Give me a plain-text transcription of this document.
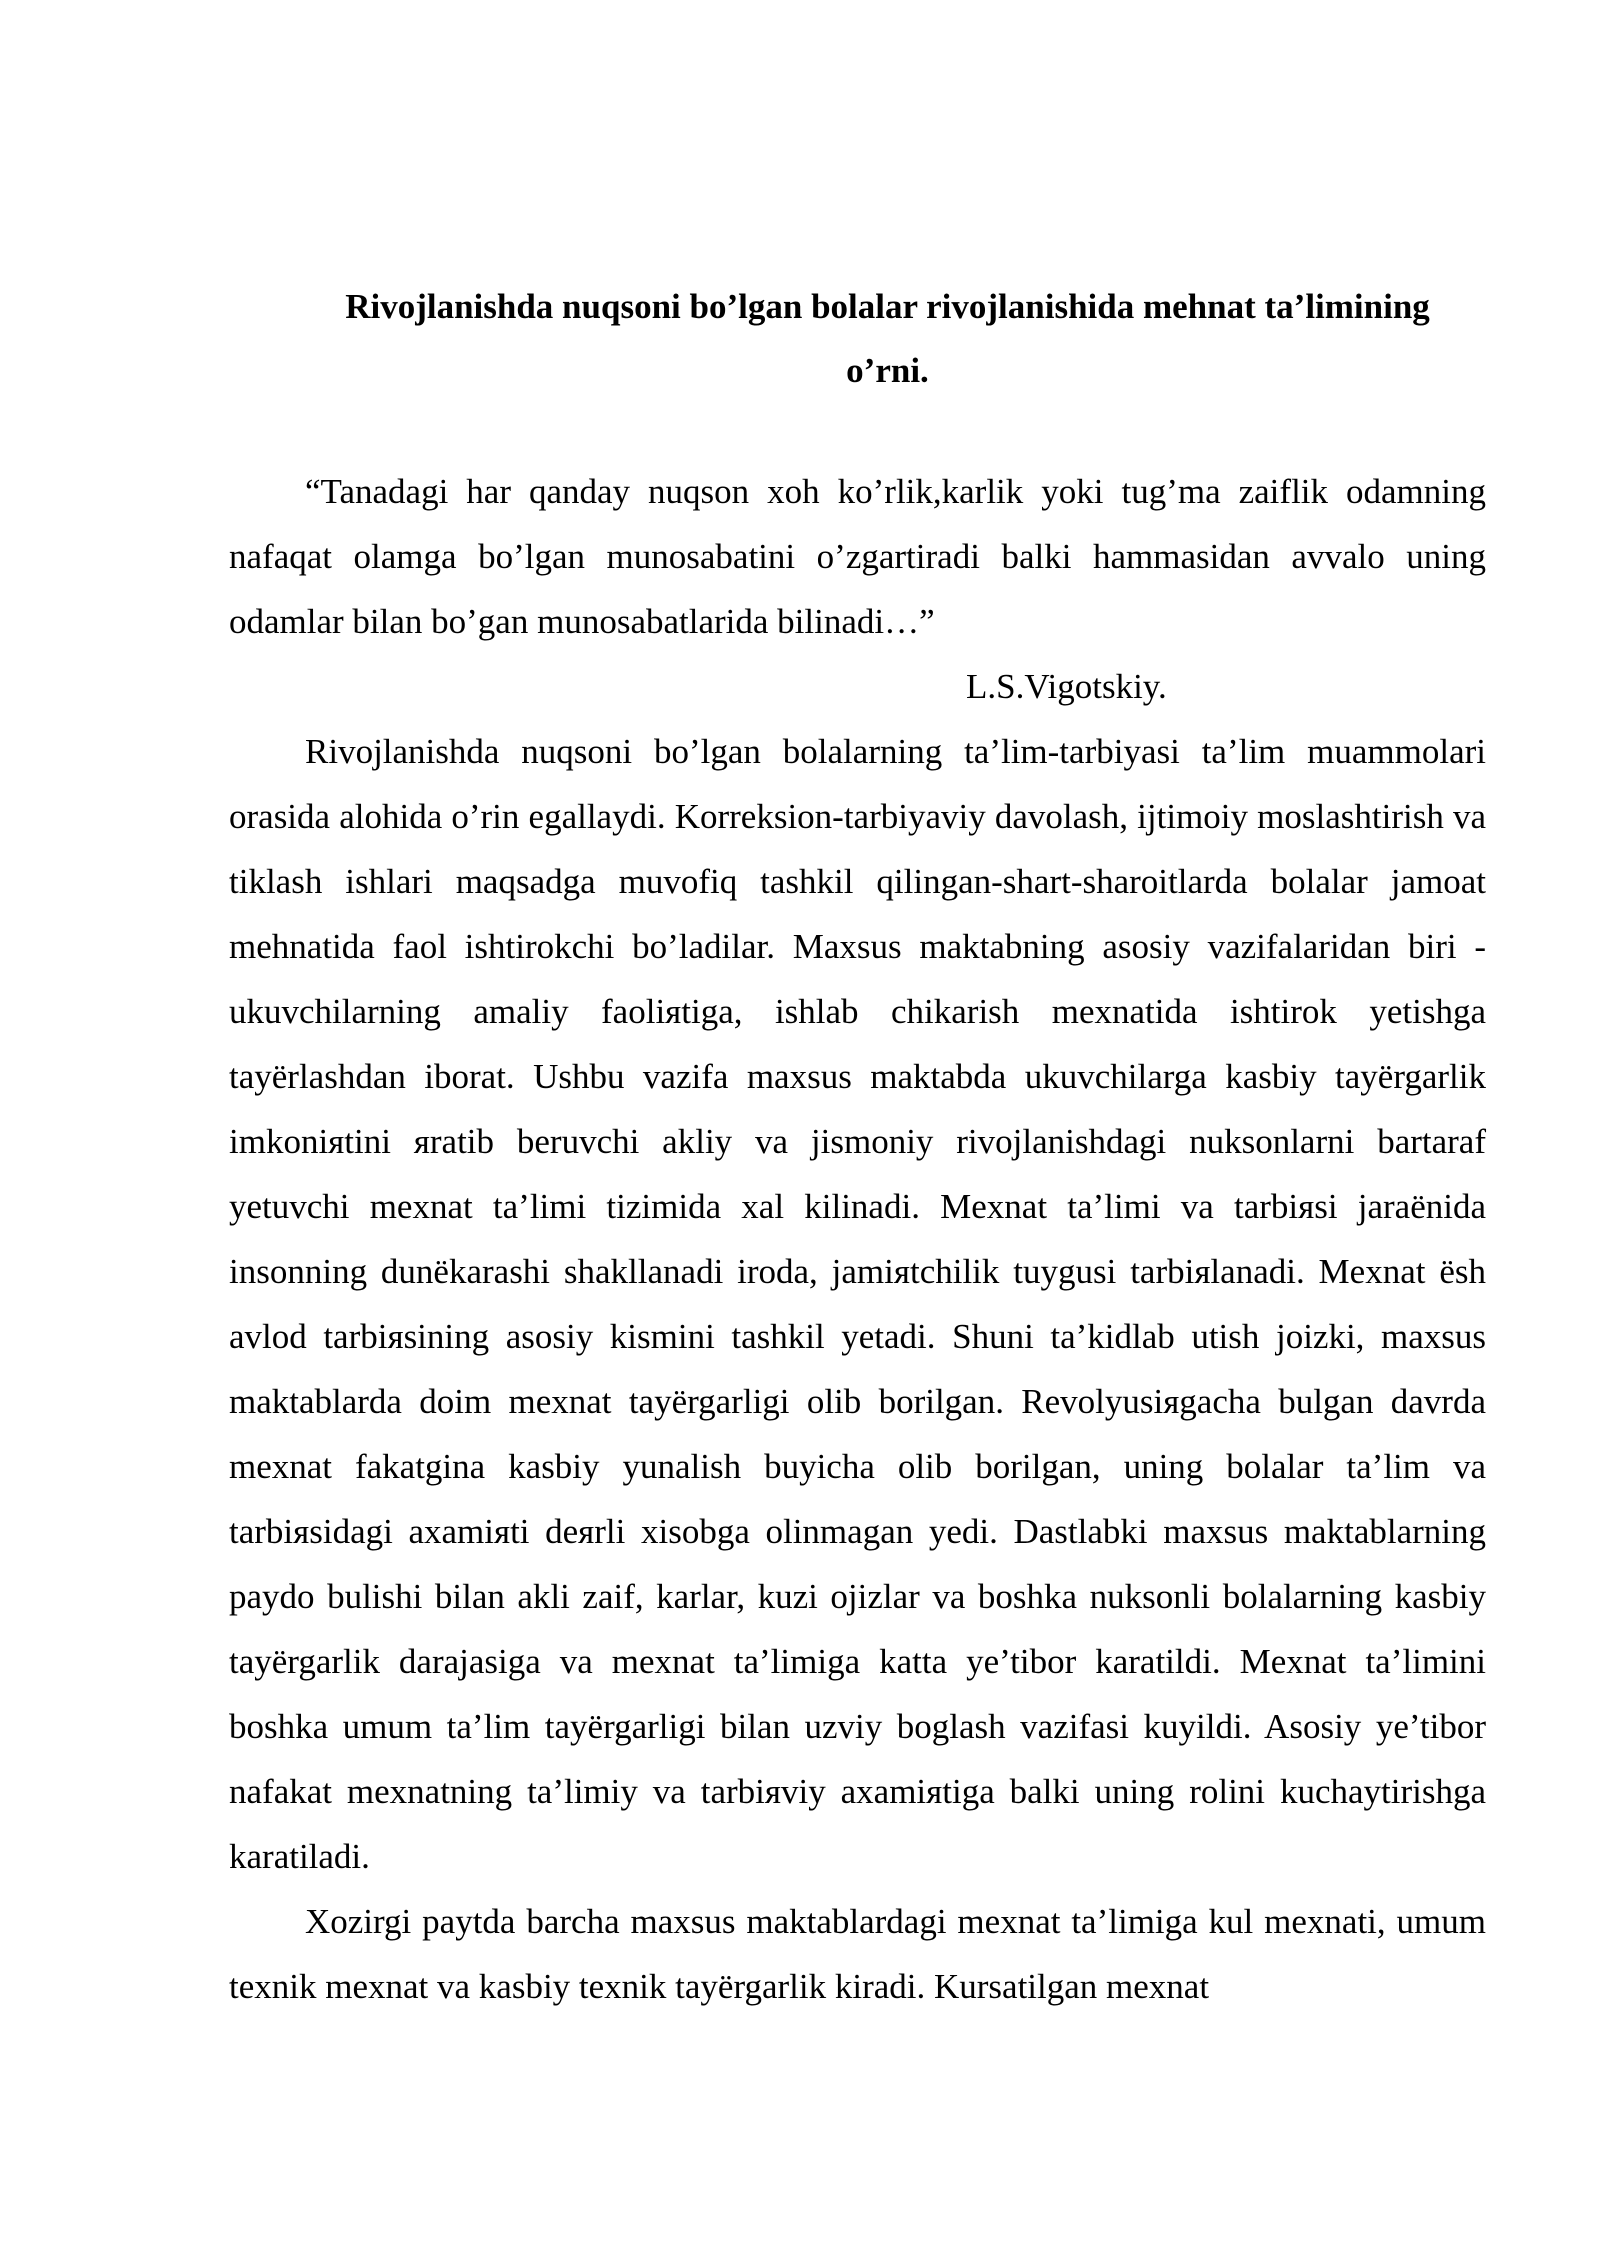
Rivojlanishda nuqsoni bo’lgan bolalar rivojlanishida mehnat ta’limining
o’rni.

“Tanadagi har qanday nuqson xoh ko’rlik,karlik yoki tug’ma zaiflik odamning nafaqat olamga bo’lgan munosabatini o’zgartiradi balki hammasidan avvalo uning odamlar bilan bo’gan munosabatlarida bilinadi…”

L.S.Vigotskiy.

Rivojlanishda nuqsoni bo’lgan bolalarning ta’lim-tarbiyasi ta’lim muammolari orasida alohida o’rin egallaydi. Korreksion-tarbiyaviy davolash, ijtimoiy moslashtirish va tiklash ishlari maqsadga muvofiq tashkil qilingan-shart-sharoitlarda bolalar jamoat mehnatida faol ishtirokchi bo’ladilar. Maxsus maktabning asosiy vazifalaridan biri - ukuvchilarning amaliy faoliяtiga, ishlab chikarish mexnatida ishtirok yetishga tayërlashdan iborat. Ushbu vazifa maxsus maktabda ukuvchilarga kasbiy tayërgarlik imkoniяtini яratib beruvchi akliy va jismoniy rivojlanishdagi nuksonlarni bartaraf yetuvchi mexnat ta’limi tizimida xal kilinadi. Mexnat ta’limi va tarbiяsi jaraënida insonning dunëkarashi shakllanadi iroda, jamiяtchilik tuygusi tarbiяlanadi. Mexnat ësh avlod tarbiяsining asosiy kismini tashkil yetadi. Shuni ta’kidlab utish joizki, maxsus maktablarda doim mexnat tayërgarligi olib borilgan. Revolyusiяgacha bulgan davrda mexnat fakatgina kasbiy yunalish buyicha olib borilgan, uning bolalar ta’lim va tarbiяsidagi axamiяti deяrli xisobga olinmagan yedi. Dastlabki maxsus maktablarning paydo bulishi bilan akli zaif, karlar, kuzi ojizlar va boshka nuksonli bolalarning kasbiy tayërgarlik darajasiga va mexnat ta’limiga katta ye’tibor karatildi. Mexnat ta’limini boshka umum ta’lim tayërgarligi bilan uzviy boglash vazifasi kuyildi. Asosiy ye’tibor nafakat mexnatning ta’limiy va tarbiяviy axamiяtiga balki uning rolini kuchaytirishga karatiladi.

Xozirgi paytda barcha maxsus maktablardagi mexnat ta’limiga kul mexnati, umum texnik mexnat va kasbiy texnik tayërgarlik kiradi. Kursatilgan mexnat
